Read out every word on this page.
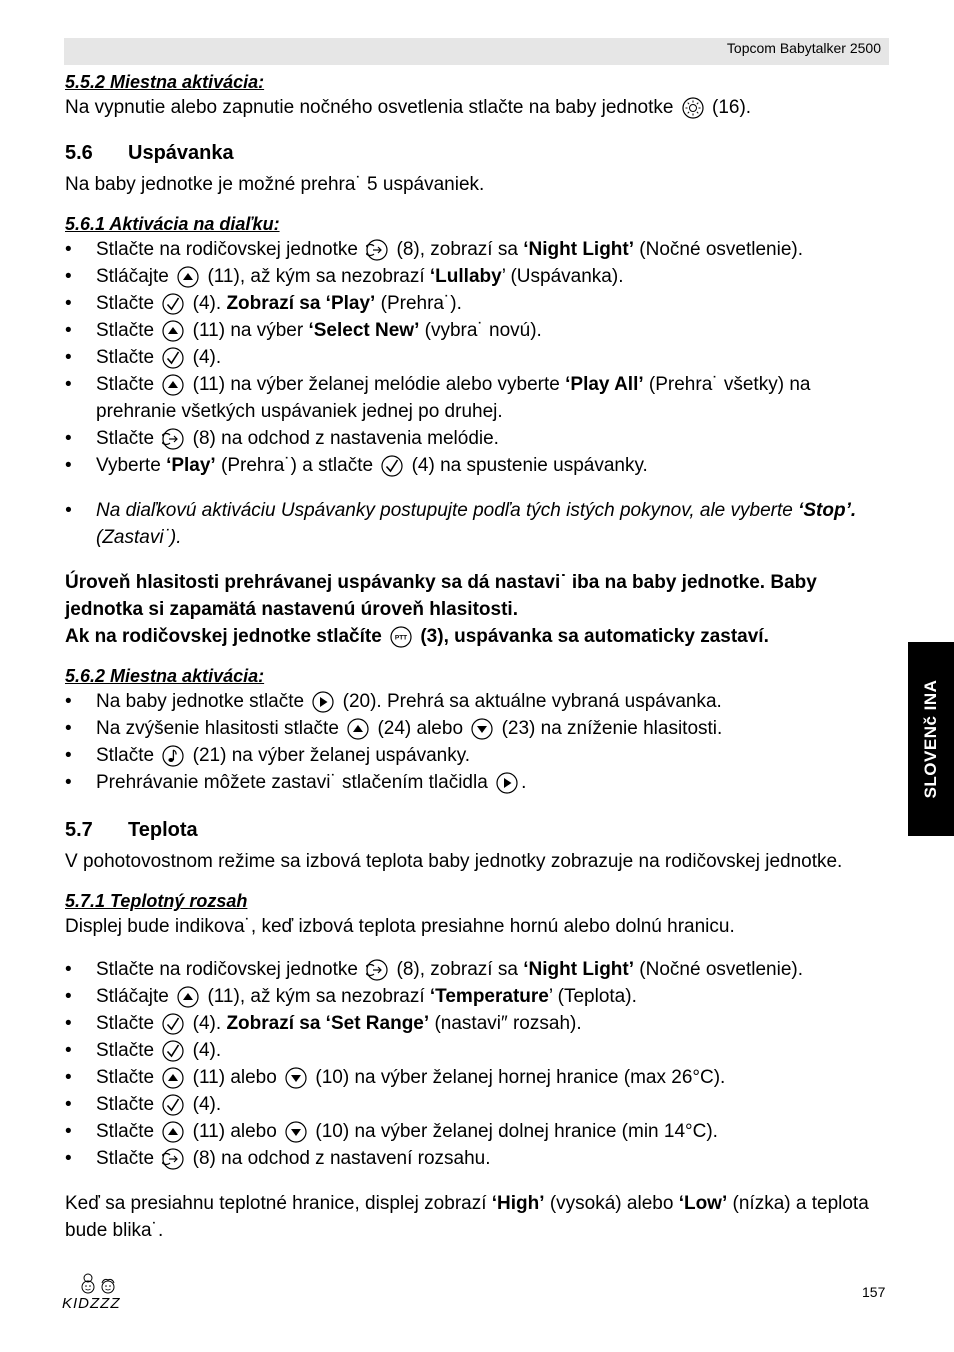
Topcom Babytalker 2500
SLOVENč INA
5.5.2 Miestna aktivácia:

Na vypnutie alebo zapnutie nočného osvetlenia stlačte na baby jednotke (16).

5.6 Uspávanka

Na baby jednotke je možné prehra˙ 5 uspávaniek.

5.6.1 Aktivácia na diaľku:
• Stlačte na rodičovskej jednotke (8), zobrazí sa ‘Night Light’ (Nočné osvetlenie).
• Stláčajte (11), až kým sa nezobrazí ‘Lullaby’ (Uspávanka).
• Stlačte (4). Zobrazí sa ‘Play’ (Prehra˙).
• Stlačte (11) na výber ‘Select New’ (vybra˙ novú).
• Stlačte (4).
• Stlačte (11) na výber želanej melódie alebo vyberte ‘Play All’ (Prehra˙ všetky) na prehranie všetkých uspávaniek jednej po druhej.
• Stlačte (8) na odchod z nastavenia melódie.
• Vyberte ‘Play’ (Prehra˙) a stlačte (4) na spustenie uspávanky.
• Na diaľkovú aktiváciu Uspávanky postupujte podľa tých istých pokynov, ale vyberte ‘Stop’. (Zastavi˙).

Úroveň hlasitosti prehrávanej uspávanky sa dá nastavi˙ iba na baby jednotke. Baby jednotka si zapamätá nastavenú úroveň hlasitosti.

Ak na rodičovskej jednotke stlačíte PTT (3), uspávanka sa automaticky zastaví.

5.6.2 Miestna aktivácia:
• Na baby jednotke stlačte (20). Prehrá sa aktuálne vybraná uspávanka.
• Na zvýšenie hlasitosti stlačte (24) alebo (23) na zníženie hlasitosti.
• Stlačte (21) na výber želanej uspávanky.
• Prehrávanie môžete zastavi˙ stlačením tlačidla .
5.7 Teplota

V pohotovostnom režime sa izbová teplota baby jednotky zobrazuje na rodičovskej jednotke.

5.7.1 Teplotný rozsah

Displej bude indikova˙, keď izbová teplota presiahne hornú alebo dolnú hranicu.

• Stlačte na rodičovskej jednotke (8), zobrazí sa ‘Night Light’ (Nočné osvetlenie).
• Stláčajte (11), až kým sa nezobrazí ‘Temperature’ (Teplota).
• Stlačte (4). Zobrazí sa ‘Set Range’ (nastavi″ rozsah).
• Stlačte (4).
• Stlačte (11) alebo (10) na výber želanej hornej hranice (max 26°C).
• Stlačte (4).
• Stlačte (11) alebo (10) na výber želanej dolnej hranice (min 14°C).
• Stlačte (8) na odchod z nastavení rozsahu.

Keď sa presiahnu teplotné hranice, displej zobrazí ‘High’ (vysoká) alebo ‘Low’ (nízka) a teplota bude blika˙.

KIDZZZ
157
